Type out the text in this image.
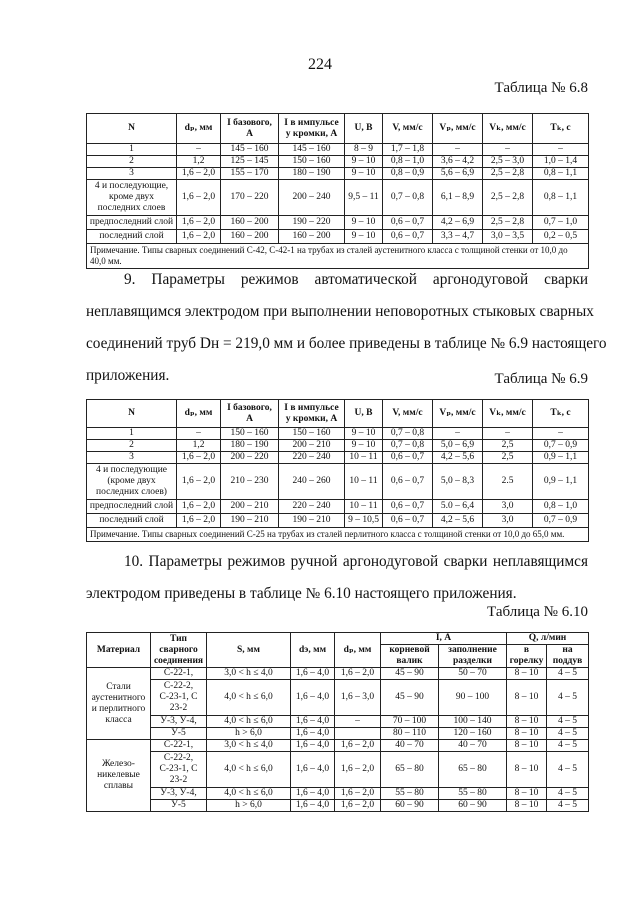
224
Таблица № 6.8
N	dₚ, мм	I базового, А	I в импульсе у кромки, А	U, В	V, мм/с	Vₚ, мм/с	Vₖ, мм/с	Tₖ, с
1	–	145 – 160	145 – 160	8 – 9	1,7 – 1,8	–	–	–
2	1,2	125 – 145	150 – 160	9 – 10	0,8 – 1,0	3,6 – 4,2	2,5 – 3,0	1,0 – 1,4
3	1,6 – 2,0	155 – 170	180 – 190	9 – 10	0,8 – 0,9	5,6 – 6,9	2,5 – 2,8	0,8 – 1,1
4 и последующие, кроме двух последних слоев	1,6 – 2,0	170 – 220	200 – 240	9,5 – 11	0,7 – 0,8	6,1 – 8,9	2,5 – 2,8	0,8 – 1,1
предпоследний слой	1,6 – 2,0	160 – 200	190 – 220	9 – 10	0,6 – 0,7	4,2 – 6,9	2,5 – 2,8	0,7 – 1,0
последний слой	1,6 – 2,0	160 – 200	160 – 200	9 – 10	0,6 – 0,7	3,3 – 4,7	3,0 – 3,5	0,2 – 0,5
Примечание. Типы сварных соединений С-42, С-42-1 на трубах из сталей аустенитного класса с толщиной стенки от 10,0 до 40,0 мм.								
9. Параметры режимов автоматической аргонодуговой сварки
неплавящимся электродом при выполнении неповоротных стыковых сварных
соединений труб Dн = 219,0 мм и более приведены в таблице № 6.9 настоящего
приложения.	Таблица № 6.9
N	dₚ, мм	I базового, А	I в импульсе у кромки, А	U, В	V, мм/с	Vₚ, мм/с	Vₖ, мм/с	Tₖ, с
1	–	150 – 160	150 – 160	9 – 10	0,7 – 0,8	–	–	–
2	1,2	180 – 190	200 – 210	9 – 10	0,7 – 0,8	5,0 – 6,9	2,5	0,7 – 0,9
3	1,6 – 2,0	200 – 220	220 – 240	10 – 11	0,6 – 0,7	4,2 – 5,6	2,5	0,9 – 1,1
4 и последующие (кроме двух последних слоев)	1,6 – 2,0	210 – 230	240 – 260	10 – 11	0,6 – 0,7	5,0 – 8,3	2.5	0,9 – 1,1
предпоследний слой	1,6 – 2,0	200 – 210	220 – 240	10 – 11	0,6 – 0,7	5.0 – 6,4	3,0	0,8 – 1,0
последний слой	1,6 – 2,0	190 – 210	190 – 210	9 – 10,5	0,6 – 0,7	4,2 – 5,6	3,0	0,7 – 0,9
Примечание. Типы сварных соединений С-25 на трубах из сталей перлитного класса с толщиной стенки от 10,0 до 65,0 мм.								
10. Параметры режимов ручной аргонодуговой сварки неплавящимся
электродом приведены в таблице № 6.10 настоящего приложения.
Таблица № 6.10
Материал	Тип сварного соединения	S, мм	dэ, мм	dₚ, мм	I, А		Q, л/мин	
					корневой валик	заполнение разделки	в горелку	на поддув
Стали аустенитного и перлитного класса	С-22-1,	3,0 < h ≤ 4,0	1,6 – 4,0	1,6 – 2,0	45 – 90	50 – 70	8 – 10	4 – 5
	С-22-2, С-23-1, С 23-2	4,0 < h ≤ 6,0	1,6 – 4,0	1,6 – 3,0	45 – 90	90 – 100	8 – 10	4 – 5
	У-3, У-4,	4,0 < h ≤ 6,0	1,6 – 4,0	–	70 – 100	100 – 140	8 – 10	4 – 5
	У-5	h > 6,0	1,6 – 4,0		80 – 110	120 – 160	8 – 10	4 – 5
Железо-никелевые сплавы	С-22-1,	3,0 < h ≤ 4,0	1,6 – 4,0	1,6 – 2,0	40 – 70	40 – 70	8 – 10	4 – 5
	С-22-2, С-23-1, С 23-2	4,0 < h ≤ 6,0	1,6 – 4,0	1,6 – 2,0	65 – 80	65 – 80	8 – 10	4 – 5
	У-3, У-4,	4,0 < h ≤ 6,0	1,6 – 4,0	1,6 – 2,0	55 – 80	55 – 80	8 – 10	4 – 5
	У-5	h > 6,0	1,6 – 4,0	1,6 – 2,0	60 – 90	60 – 90	8 – 10	4 – 5
